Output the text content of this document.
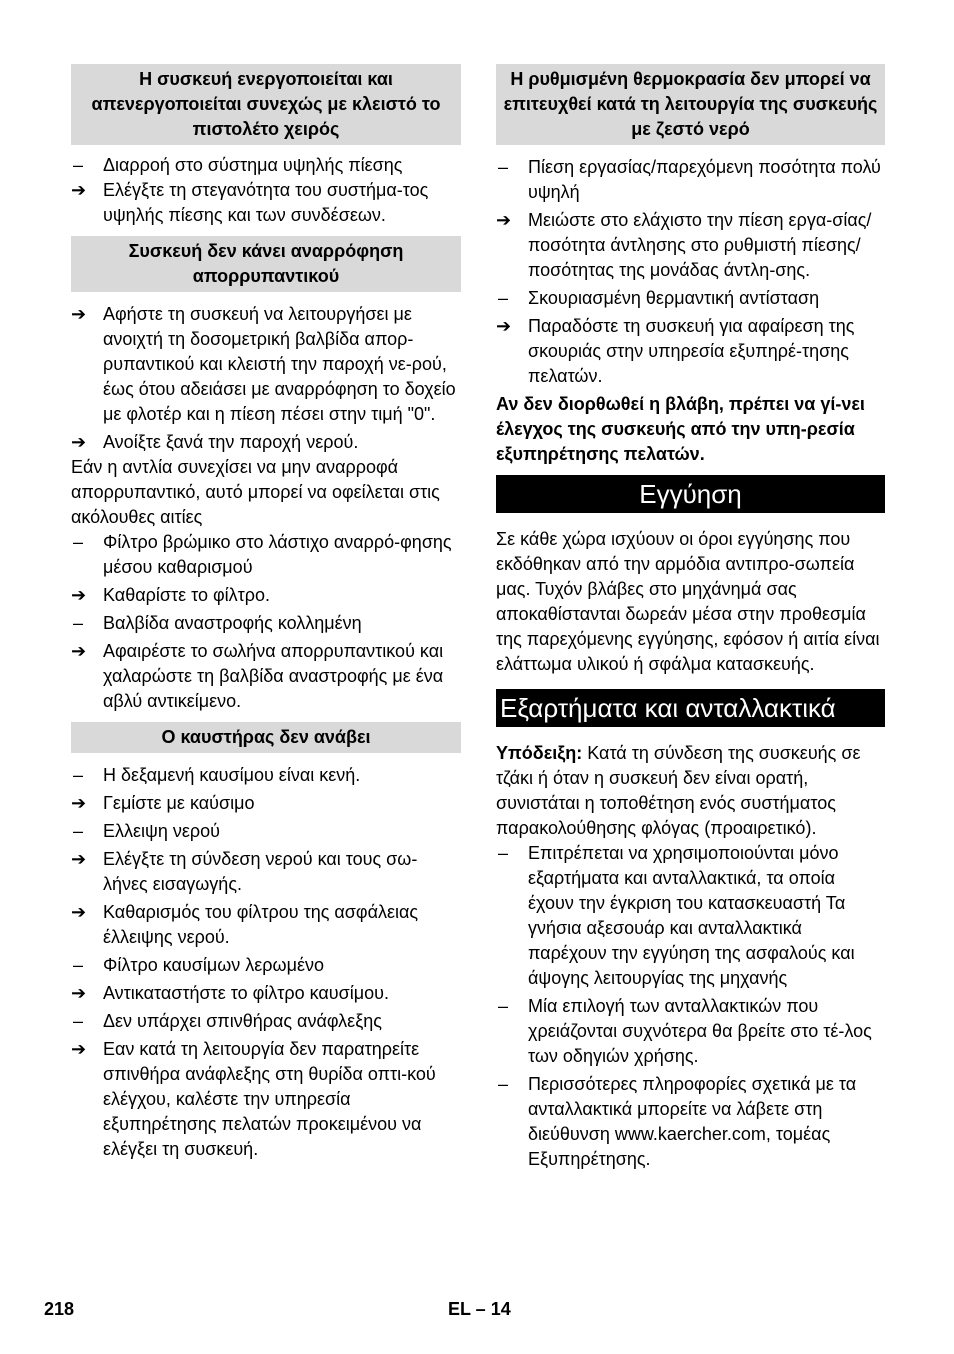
Η συσκευή ενεργοποιείται και απενεργοποιείται συνεχώς με κλειστό το πιστολέτο χειρός
–	Διαρροή στο σύστημα υψηλής πίεσης
➔ Ελέγξτε τη στεγανότητα του συστήμα-τος υψηλής πίεσης και των συνδέσεων.
Συσκευή δεν κάνει αναρρόφηση απορρυπαντικού
➔ Αφήστε τη συσκευή να λειτουργήσει με ανοιχτή τη δοσομετρική βαλβίδα απορ-ρυπαντικού και κλειστή την παροχή νε-ρού, έως ότου αδειάσει με αναρρόφηση το δοχείο με φλοτέρ και η πίεση πέσει στην τιμή "0".
➔ Ανοίξτε ξανά την παροχή νερού.
Εάν η αντλία συνεχίσει να μην αναρροφά απορρυπαντικό, αυτό μπορεί να οφείλεται στις ακόλουθες αιτίες
–	Φίλτρο βρώμικο στο λάστιχο αναρρό-φησης μέσου καθαρισμού
➔ Καθαρίστε το φίλτρο.
–	Βαλβίδα αναστροφής κολλημένη
➔ Αφαιρέστε το σωλήνα απορρυπαντικού και χαλαρώστε τη βαλβίδα αναστροφής με ένα αβλύ αντικείμενο.
Ο καυστήρας δεν ανάβει
–	Η δεξαμενή καυσίμου είναι κενή.
➔ Γεμίστε με καύσιμο
–	Ελλειψη νερού
➔ Ελέγξτε τη σύνδεση νερού και τους σω-λήνες εισαγωγής.
➔ Καθαρισμός του φίλτρου της ασφάλειας έλλειψης νερού.
–	Φίλτρο καυσίμων λερωμένο
➔ Αντικαταστήστε το φίλτρο καυσίμου.
–	Δεν υπάρχει σπινθήρας ανάφλεξης
➔ Εαν κατά τη λειτουργία δεν παρατηρείτε σπινθήρα ανάφλεξης στη θυρίδα οπτι-κού ελέγχου, καλέστε την υπηρεσία εξυπηρέτησης πελατών προκειμένου να ελέγξει τη συσκευή.
Η ρυθμισμένη θερμοκρασία δεν μπορεί να επιτευχθεί κατά τη λειτουργία της συσκευής με ζεστό νερό
–	Πίεση εργασίας/παρεχόμενη ποσότητα πολύ υψηλή
➔ Μειώστε στο ελάχιστο την πίεση εργα-σίας/ποσότητα άντλησης στο ρυθμιστή πίεσης/ποσότητας της μονάδας άντλη-σης.
–	Σκουριασμένη θερμαντική αντίσταση
➔ Παραδόστε τη συσκευή για αφαίρεση της σκουριάς στην υπηρεσία εξυπηρέ-τησης πελατών.
Αν δεν διορθωθεί η βλάβη, πρέπει να γί-νει έλεγχος της συσκευής από την υπη-ρεσία εξυπηρέτησης πελατών.
Εγγύηση
Σε κάθε χώρα ισχύουν οι όροι εγγύησης που εκδόθηκαν από την αρμόδια αντιπρο-σωπεία μας. Τυχόν βλάβες στο μηχάνημά σας αποκαθίστανται δωρεάν μέσα στην προθεσμία της παρεχόμενης εγγύησης, εφόσον ή αιτία είναι ελάττωμα υλικού ή σφάλμα κατασκευής.
Εξαρτήματα και ανταλλακτικά
Υπόδειξη: Κατά τη σύνδεση της συσκευής σε τζάκι ή όταν η συσκευή δεν είναι ορατή, συνιστάται η τοποθέτηση ενός συστήματος παρακολούθησης φλόγας (προαιρετικό).
–	Επιτρέπεται να χρησιμοποιούνται μόνο εξαρτήματα και ανταλλακτικά, τα οποία έχουν την έγκριση του κατασκευαστή Τα γνήσια αξεσουάρ και ανταλλακτικά παρέχουν την εγγύηση της ασφαλούς και άψογης λειτουργίας της μηχανής
–	Μία επιλογή των ανταλλακτικών που χρειάζονται συχνότερα θα βρείτε στο τέ-λος των οδηγιών χρήσης.
–	Περισσότερες πληροφορίες σχετικά με τα ανταλλακτικά μπορείτε να λάβετε στη διεύθυνση www.kaercher.com, τομέας Εξυπηρέτησης.
218	EL – 14
